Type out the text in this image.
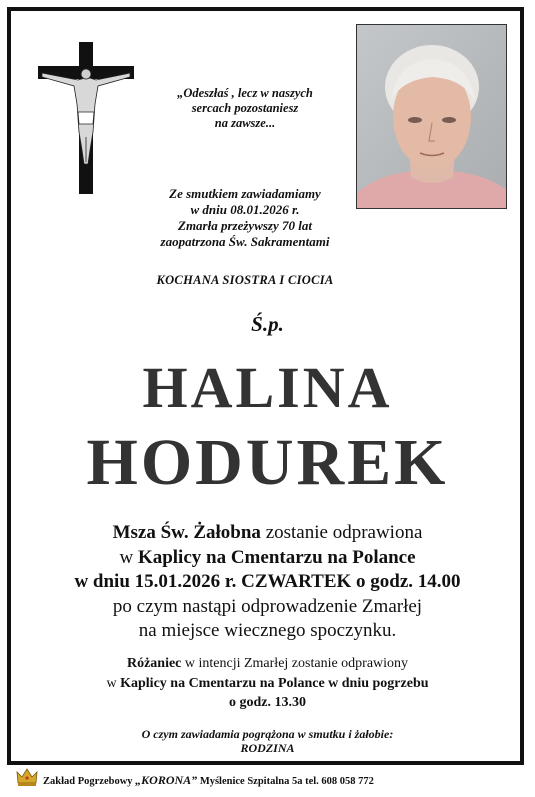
„Odeszłaś , lecz w naszych
sercach pozostaniesz
na zawsze...
Ze smutkiem zawiadamiamy
w dniu 08.01.2026 r.
Zmarła przeżywszy 70 lat
zaopatrzona Św. Sakramentami
KOCHANA SIOSTRA I CIOCIA
Ś.p.
HALINA
HODUREK
Msza Św. Żałobna zostanie odprawiona
w Kaplicy na Cmentarzu na Polance
w dniu 15.01.2026 r. CZWARTEK o godz. 14.00
po czym nastąpi odprowadzenie Zmarłej
na miejsce wiecznego spoczynku.
Różaniec w intencji Zmarłej zostanie odprawiony
w Kaplicy na Cmentarzu na Polance w dniu pogrzebu
o godz. 13.30
O czym zawiadamia pogrążona w smutku i żałobie:
RODZINA
Zakład Pogrzebowy „KORONA” Myślenice Szpitalna 5a tel. 608 058 772
